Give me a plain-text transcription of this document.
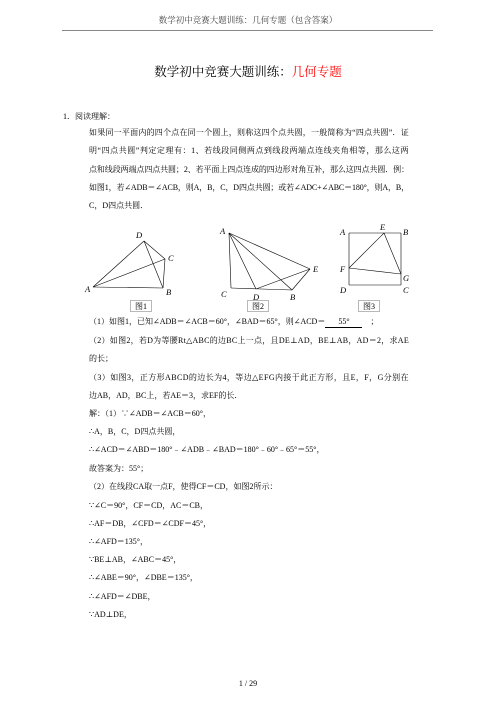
数学初中竞赛大题训练：几何专题（包含答案）
数学初中竞赛大题训练：几何专题
1．阅读理解：
如果同一平面内的四个点在同一个圆上，则称这四个点共圆，一般简称为“四点共圆”．证
明“四点共圆”判定定理有：1、若线段同侧两点到线段两端点连线夹角相等，那么这两
点和线段两端点四点共圆；2、若平面上四点连成的四边形对角互补，那么这四点共圆．例：
如图1，若∠ADB＝∠ACB，则A，B，C，D四点共圆；或若∠ADC+∠ABC＝180°，则A，B，
C，D四点共圆．
A	B
C
D	A
B
C	D
E
A	B
C
D
E
F
G
图1	图2	图3
（1）如图1，已知∠ADB＝∠ACB＝60°，∠BAD＝65°，则∠ACD＝ 55°	；
（2）如图2，若D为等腰Rt△ABC的边BC上一点，且DE⊥AD，BE⊥AB，AD＝2，求AE
的长；
（3）如图3，正方形ABCD的边长为4，等边△EFG内接于此正方形，且E，F，G分别在
边AB，AD，BC上，若AE＝3，求EF的长．
解：（1）∵∠ADB＝∠ACB＝60°，
∴A，B，C，D四点共圆，
∴∠ACD＝∠ABD＝180°﹣∠ADB﹣∠BAD＝180°﹣60°﹣65°＝55°，
故答案为：55°；
（2）在线段CA取一点F，使得CF＝CD，如图2所示：
∵∠C＝90°，CF＝CD，AC＝CB，
∴AF＝DB，∠CFD＝∠CDF＝45°，
∴∠AFD＝135°，
∵BE⊥AB，∠ABC＝45°，
∴∠ABE＝90°，∠DBE＝135°，
∴∠AFD＝∠DBE，
∵AD⊥DE，
1 / 29
